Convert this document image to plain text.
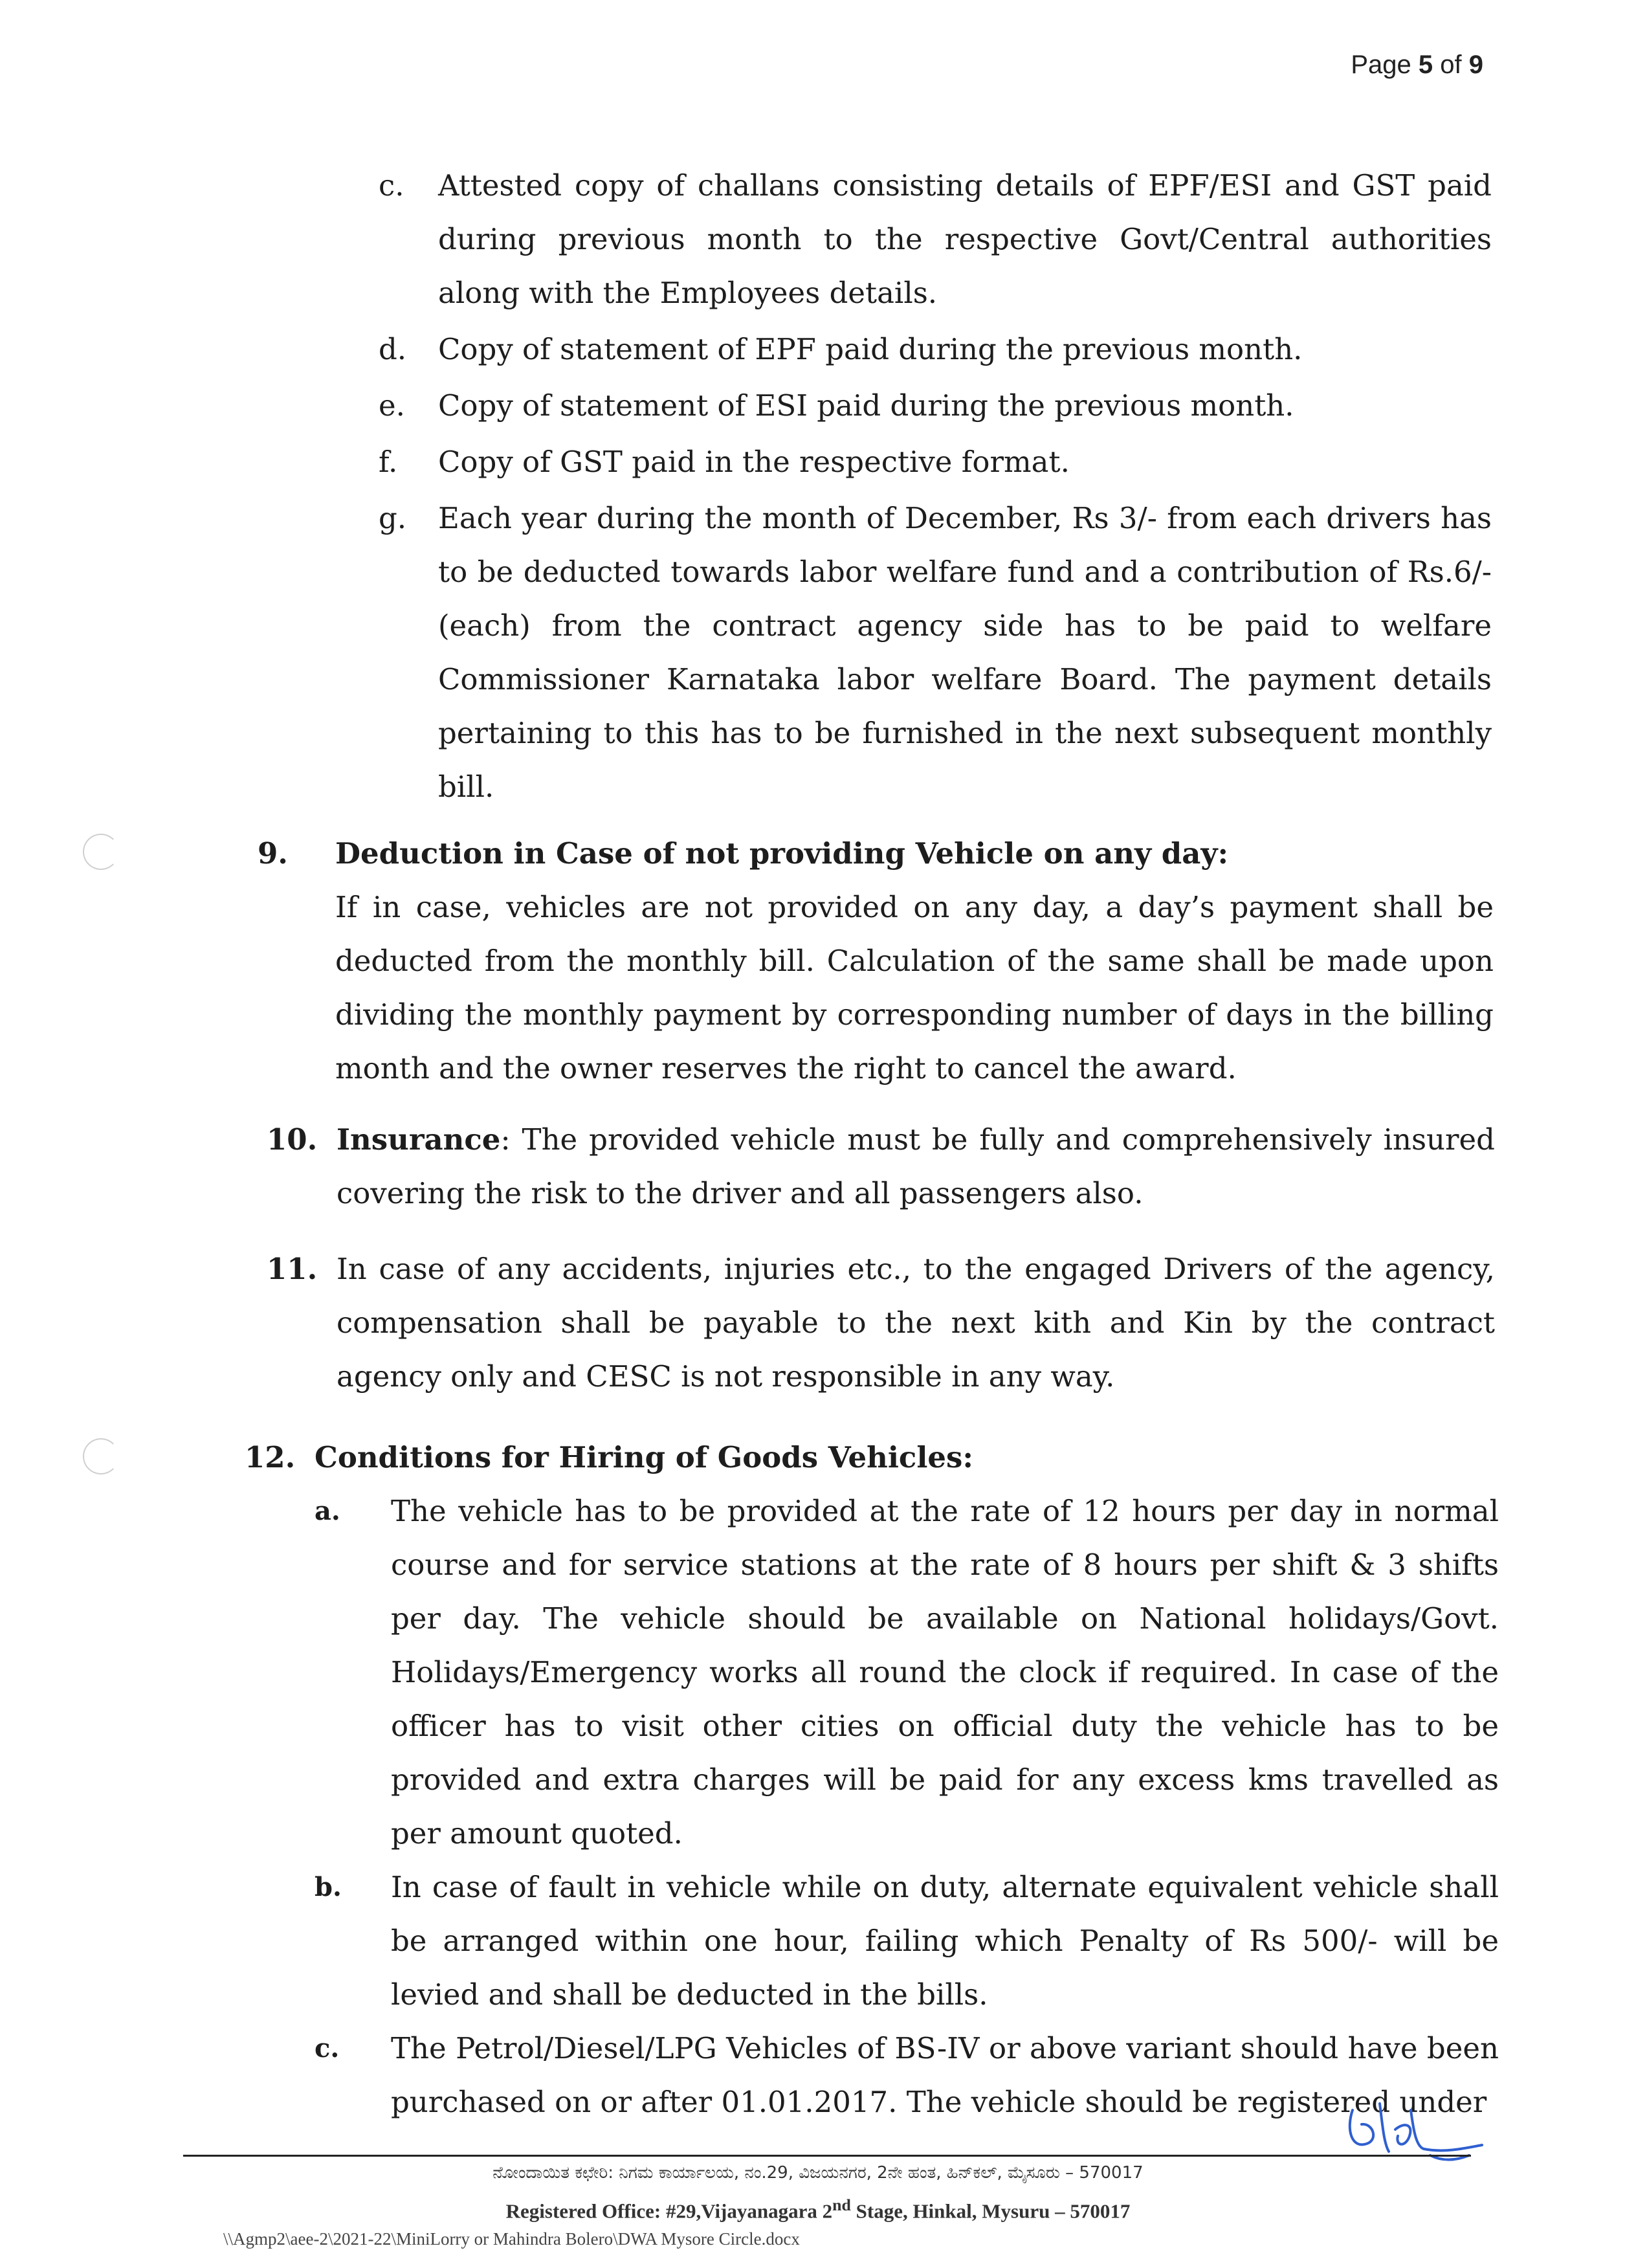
Page 5 of 9
c.	Attested copy of challans consisting details of EPF/ESI and GST paid during previous month to the respective Govt/Central authorities along with the Employees details.
d.	Copy of statement of EPF paid during the previous month.
e.	Copy of statement of ESI paid during the previous month.
f.	Copy of GST paid in the respective format.
g.	Each year during the month of December, Rs 3/- from each drivers has to be deducted towards labor welfare fund and a contribution of Rs.6/- (each) from the contract agency side has to be paid to welfare Commissioner Karnataka labor welfare Board. The payment details pertaining to this has to be furnished in the next subsequent monthly bill.
9. Deduction in Case of not providing Vehicle on any day:
If in case, vehicles are not provided on any day, a day’s payment shall be deducted from the monthly bill. Calculation of the same shall be made upon dividing the monthly payment by corresponding number of days in the billing month and the owner reserves the right to cancel the award.
10. Insurance: The provided vehicle must be fully and comprehensively insured covering the risk to the driver and all passengers also.
11. In case of any accidents, injuries etc., to the engaged Drivers of the agency, compensation shall be payable to the next kith and Kin by the contract agency only and CESC is not responsible in any way.
12. Conditions for Hiring of Goods Vehicles:
a.	The vehicle has to be provided at the rate of 12 hours per day in normal course and for service stations at the rate of 8 hours per shift & 3 shifts per day. The vehicle should be available on National holidays/Govt. Holidays/Emergency works all round the clock if required. In case of the officer has to visit other cities on official duty the vehicle has to be provided and extra charges will be paid for any excess kms travelled as per amount quoted.
b.	In case of fault in vehicle while on duty, alternate equivalent vehicle shall be arranged within one hour, failing which Penalty of Rs 500/- will be levied and shall be deducted in the bills.
c.	The Petrol/Diesel/LPG Vehicles of BS-IV or above variant should have been purchased on or after 01.01.2017. The vehicle should be registered under
ನೋಂದಾಯಿತ ಕಛೇರಿ: ನಿಗಮ ಕಾರ್ಯಾಲಯ, ನಂ.29, ವಿಜಯನಗರ, 2ನೇ ಹಂತ, ಹಿನ್‌ಕಲ್, ಮೈಸೂರು – 570017
Registered Office: #29,Vijayanagara 2nd Stage, Hinkal, Mysuru – 570017
\\Agmp2\aee-2\2021-22\MiniLorry or Mahindra Bolero\DWA Mysore Circle.docx
